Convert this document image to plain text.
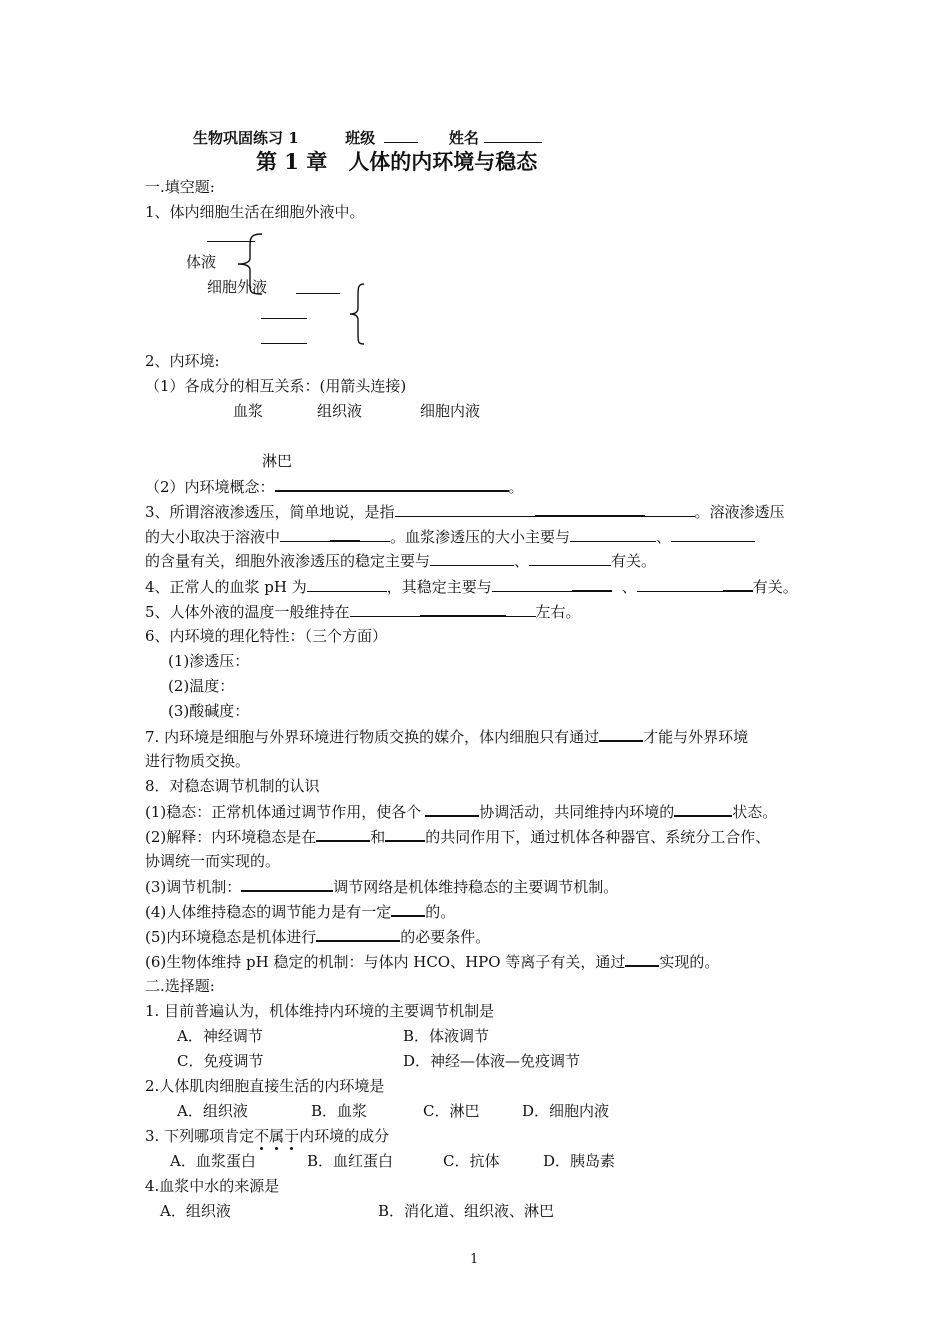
生物巩固练习 1	班级	姓名
第 1 章　人体的内环境与稳态
一.填空题:
1、体内细胞生活在细胞外液中。
体液
细胞外液
2、内环境:
（1）各成分的相互关系：(用箭头连接)
血浆	组织液	细胞内液
淋巴
（2）内环境概念：	。
3、所谓溶液渗透压，简单地说，是指	。溶液渗透压
的大小取决于溶液中	。血浆渗透压的大小主要与	、
的含量有关，细胞外液渗透压的稳定主要与	、	有关。
4、正常人的血浆 pH 为	，其稳定主要与	、	有关。
5、人体外液的温度一般维持在	左右。
6、内环境的理化特性：（三个方面）
(1)渗透压：
(2)温度：
(3)酸碱度：
7. 内环境是细胞与外界环境进行物质交换的媒介，体内细胞只有通过	才能与外界环境
进行物质交换。
8．对稳态调节机制的认识
(1)稳态：正常机体通过调节作用，使各个	协调活动，共同维持内环境的	状态。
(2)解释：内环境稳态是在	和	的共同作用下，通过机体各种器官、系统分工合作、
协调统一而实现的。
(3)调节机制：	调节网络是机体维持稳态的主要调节机制。
(4)人体维持稳态的调节能力是有一定 的。
(5)内环境稳态是机体进行	的必要条件。
(6)生物体维持 pH 稳定的机制：与体内 HCO、HPO 等离子有关，通过 实现的。
二.选择题:
1. 目前普遍认为，机体维持内环境的主要调节机制是
A．神经调节	B．体液调节
C．免疫调节	D．神经—体液—免疫调节
2.人体肌肉细胞直接生活的内环境是
A．组织液	B．血浆	C．淋巴	D．细胞内液
3. 下列哪项肯定不属于内环境的成分
A．血浆蛋白	B．血红蛋白	C．抗体	D．胰岛素
4.血浆中水的来源是
A．组织液	B．消化道、组织液、淋巴
1
